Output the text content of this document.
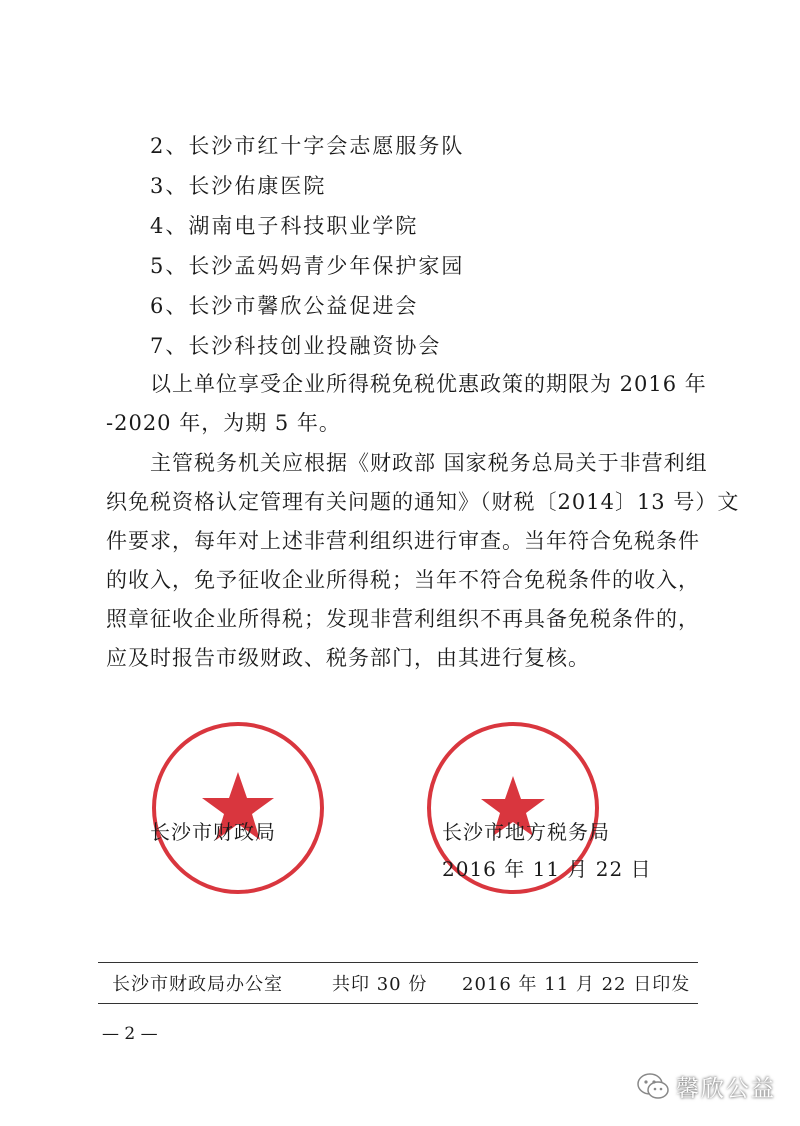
2、长沙市红十字会志愿服务队
3、长沙佑康医院
4、湖南电子科技职业学院
5、长沙孟妈妈青少年保护家园
6、长沙市馨欣公益促进会
7、长沙科技创业投融资协会
以上单位享受企业所得税免税优惠政策的期限为 2016 年
-2020 年，为期 5 年。
主管税务机关应根据《财政部 国家税务总局关于非营利组
织免税资格认定管理有关问题的通知》（财税〔2014〕13 号）文
件要求，每年对上述非营利组织进行审查。当年符合免税条件
的收入，免予征收企业所得税；当年不符合免税条件的收入，
照章征收企业所得税；发现非营利组织不再具备免税条件的，
应及时报告市级财政、税务部门，由其进行复核。
长沙市财政局	长沙市地方税务局
2016 年 11 月 22 日
长沙市财政局办公室	共印 30 份 2016 年 11 月 22 日印发
— 2 —
馨欣公益
